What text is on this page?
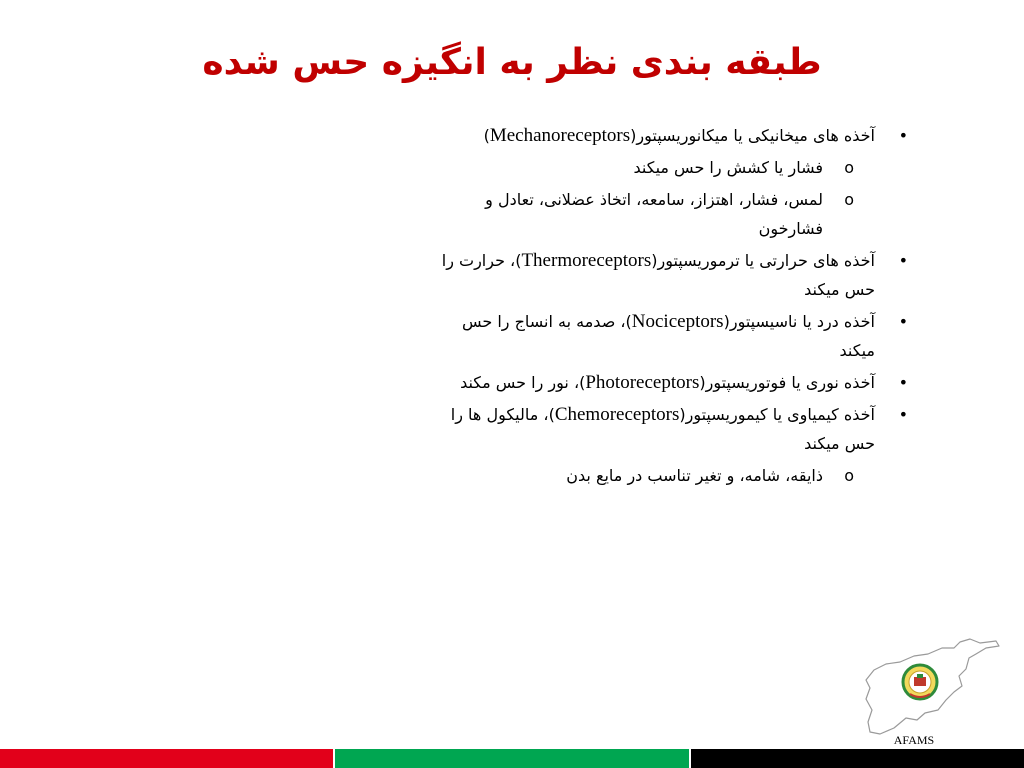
طبقه بندی نظر به انگیزه حس شده
•
آخذه های میخانیکی یا میکانوریسپتور(Mechanoreceptors)
o
فشار یا کشش را حس میکند
o
لمس، فشار، اهتزاز، سامعه، اتخاذ عضلانی، تعادل و فشارخون
•
آخذه های حرارتی یا ترموریسپتور(Thermoreceptors)، حرارت را حس میکند
•
آخذه درد یا ناسیسپتور(Nociceptors)، صدمه به انساج را حس میکند
•
آخذه نوری یا فوتوریسپتور(Photoreceptors)، نور را حس مکند
•
آخذه کیمیاوی یا کیموریسپتور(Chemoreceptors)، مالیکول ها را حس میکند
o
ذایقه، شامه، و تغیر تناسب در مایع بدن
AFAMS
